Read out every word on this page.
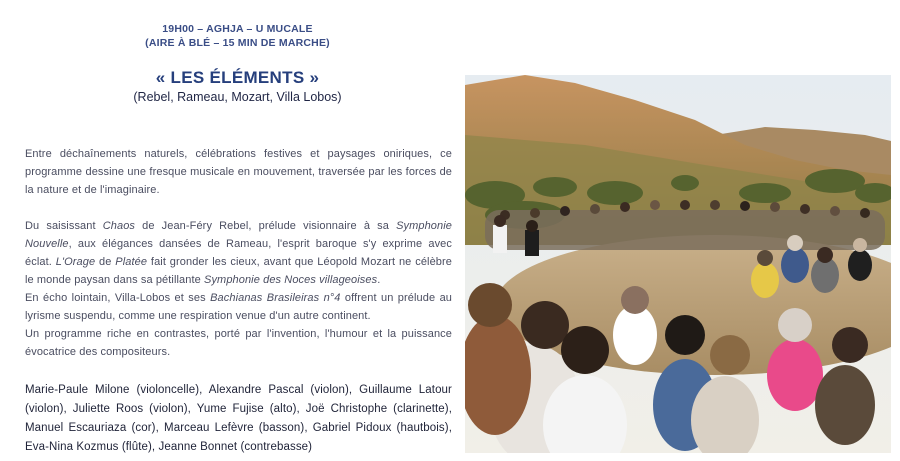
19H00 – AGHJA – U MUCALE
(AIRE À BLÉ – 15 MIN DE MARCHE)
« LES ÉLÉMENTS »
(Rebel, Rameau, Mozart, Villa Lobos)

Entre déchaînements naturels, célébrations festives et paysages oniriques, ce programme dessine une fresque musicale en mouvement, traversée par les forces de la nature et de l'imaginaire.

Du saisissant Chaos de Jean-Féry Rebel, prélude visionnaire à sa Symphonie Nouvelle, aux élégances dansées de Rameau, l'esprit baroque s'y exprime avec éclat. L'Orage de Platée fait gronder les cieux, avant que Léopold Mozart ne célèbre le monde paysan dans sa pétillante Symphonie des Noces villageoises.

En écho lointain, Villa-Lobos et ses Bachianas Brasileiras n°4 offrent un prélude au lyrisme suspendu, comme une respiration venue d'un autre continent.

Un programme riche en contrastes, porté par l'invention, l'humour et la puissance évocatrice des compositeurs.

Marie-Paule Milone (violoncelle), Alexandre Pascal (violon), Guillaume Latour (violon), Juliette Roos (violon), Yume Fujise (alto), Joë Christophe (clarinette), Manuel Escauriaza (cor), Marceau Lefèvre (basson), Gabriel Pidoux (hautbois), Eva-Nina Kozmus (flûte), Jeanne Bonnet (contrebasse)
